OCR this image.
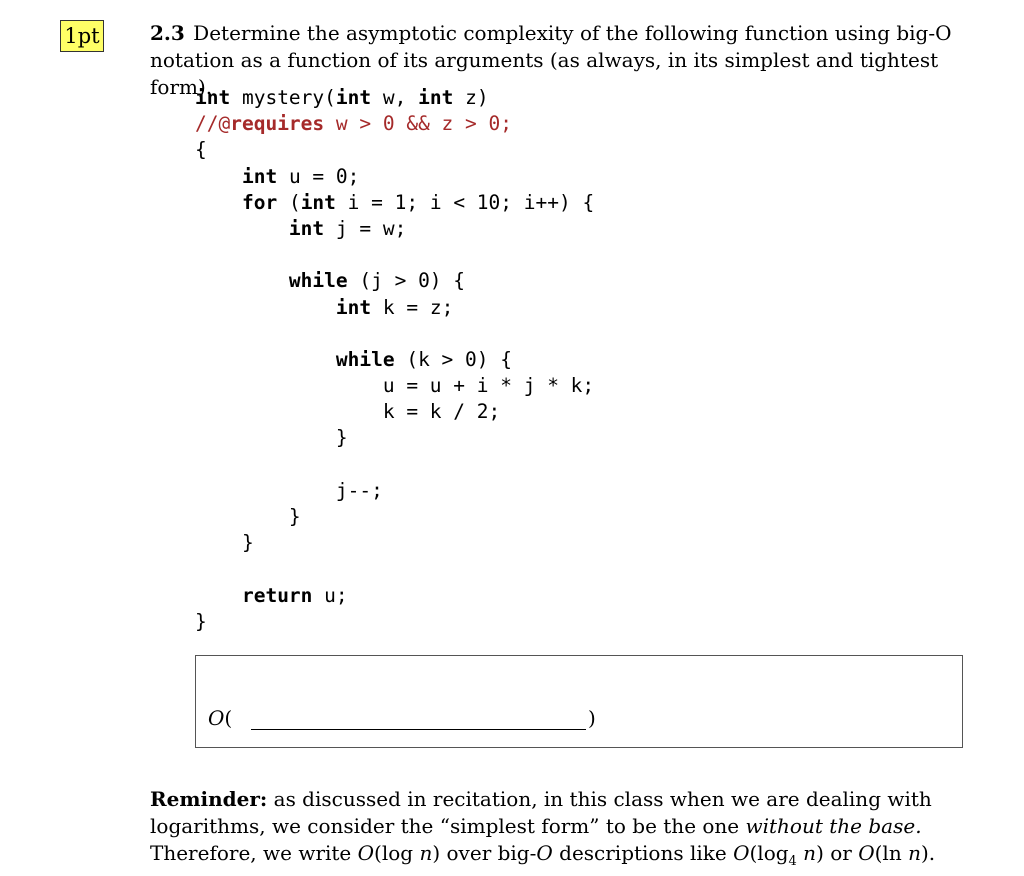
1pt	2.3 Determine the asymptotic complexity of the following function using big-O notation as a function of its arguments (as always, in its simplest and tightest form).
int mystery(int w, int z)
//@requires w > 0 && z > 0;
{
int u = 0;
for (int i = 1; i < 10; i++) {
int j = w;
while (j > 0) {
int k = z;
while (k > 0) {
u = u + i * j * k;
k = k / 2;
}
j--;
}
}
return u;
}
O(	)
Reminder: as discussed in recitation, in this class when we are dealing with logarithms, we consider the “simplest form” to be the one without the base. Therefore, we write O(log n) over big-O descriptions like $O(\log_4$ n) or O(ln n).
